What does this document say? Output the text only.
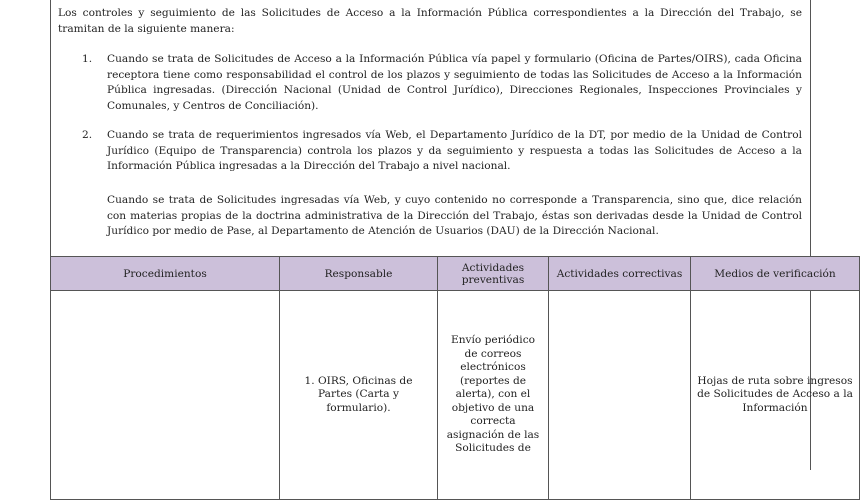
Los controles y seguimiento de las Solicitudes de Acceso a la Información Pública correspondientes a la Dirección del Trabajo, se tramitan de la siguiente manera:

1.	Cuando se trata de Solicitudes de Acceso a la Información Pública vía papel y formulario (Oficina de Partes/OIRS), cada Oficina receptora tiene como responsabilidad el control de los plazos y seguimiento de todas las Solicitudes de Acceso a la Información Pública ingresadas. (Dirección Nacional (Unidad de Control Jurídico), Direcciones Regionales, Inspecciones Provinciales y Comunales, y Centros de Conciliación).
2.	Cuando se trata de requerimientos ingresados vía Web, el Departamento Jurídico de la DT, por medio de la Unidad de Control Jurídico (Equipo de Transparencia) controla los plazos y da seguimiento y respuesta a todas las Solicitudes de Acceso a la Información Pública ingresadas a la Dirección del Trabajo a nivel nacional.

Cuando se trata de Solicitudes ingresadas vía Web, y cuyo contenido no corresponde a Transparencia, sino que, dice relación con materias propias de la doctrina administrativa de la Dirección del Trabajo, éstas son derivadas desde la Unidad de Control Jurídico por medio de Pase, al Departamento de Atención de Usuarios (DAU) de la Dirección Nacional.

Procedimientos	Responsable	Actividades preventivas	Actividades correctivas	Medios de verificación
	1. OIRS, Oficinas de Partes (Carta y formulario).	Envío periódico de correos electrónicos (reportes de alerta), con el objetivo de una correcta asignación de las Solicitudes de		Hojas de ruta sobre ingresos de Solicitudes de Acceso a la Información
